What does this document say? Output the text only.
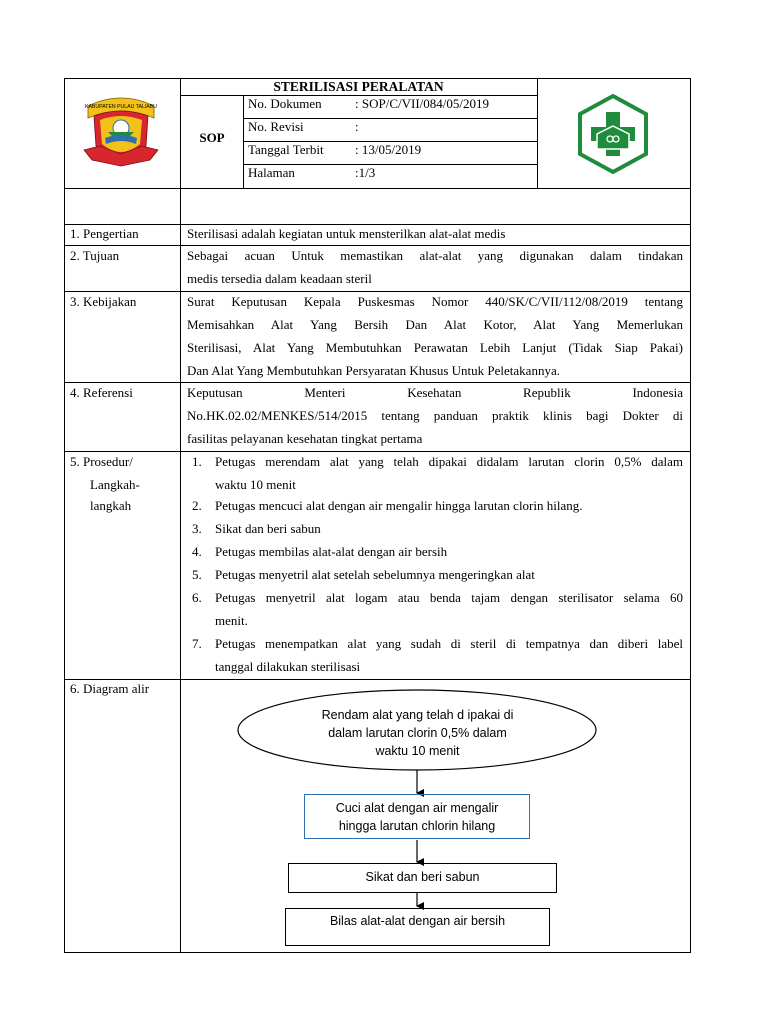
KABUPATEN PULAU TALIABU
STERILISASI PERALATAN
SOP
No. Dokumen	: SOP/C/VII/084/05/2019
No. Revisi	:
Tanggal Terbit : 13/05/2019
Halaman	:1/3
1. Pengertian	Sterilisasi adalah kegiatan untuk mensterilkan alat-alat medis
2. Tujuan	Sebagai acuan Untuk memastikan alat-alat yang digunakan dalam tindakan
medis tersedia dalam keadaan steril
3. Kebijakan	Surat Keputusan Kepala Puskesmas Nomor 440/SK/C/VII/112/08/2019 tentang
Memisahkan Alat Yang Bersih Dan Alat Kotor, Alat Yang Memerlukan
Sterilisasi, Alat Yang Membutuhkan Perawatan Lebih Lanjut (Tidak Siap Pakai)
Dan Alat Yang Membutuhkan Persyaratan Khusus Untuk Peletakannya.
4. Referensi	Keputusan Menteri Kesehatan Republik Indonesia
No.HK.02.02/MENKES/514/2015 tentang panduan praktik klinis bagi Dokter di
fasilitas pelayanan kesehatan tingkat pertama
5. Prosedur/
Langkah-
langkah
1. Petugas merendam alat yang telah dipakai didalam larutan clorin 0,5% dalam
waktu 10 menit
2. Petugas mencuci alat dengan air mengalir hingga larutan clorin hilang.
3. Sikat dan beri sabun
4. Petugas membilas alat-alat dengan air bersih
5. Petugas menyetril alat setelah sebelumnya mengeringkan alat
6. Petugas menyetril alat logam atau benda tajam dengan sterilisator selama 60
menit.
7. Petugas menempatkan alat yang sudah di steril di tempatnya dan diberi label
tanggal dilakukan sterilisasi
6. Diagram alir
Rendam alat yang telah d ipakai di
dalam larutan clorin 0,5% dalam
waktu 10 menit
Cuci alat dengan air mengalir
hingga larutan chlorin hilang
Sikat dan beri sabun
Bilas alat-alat dengan air bersih
